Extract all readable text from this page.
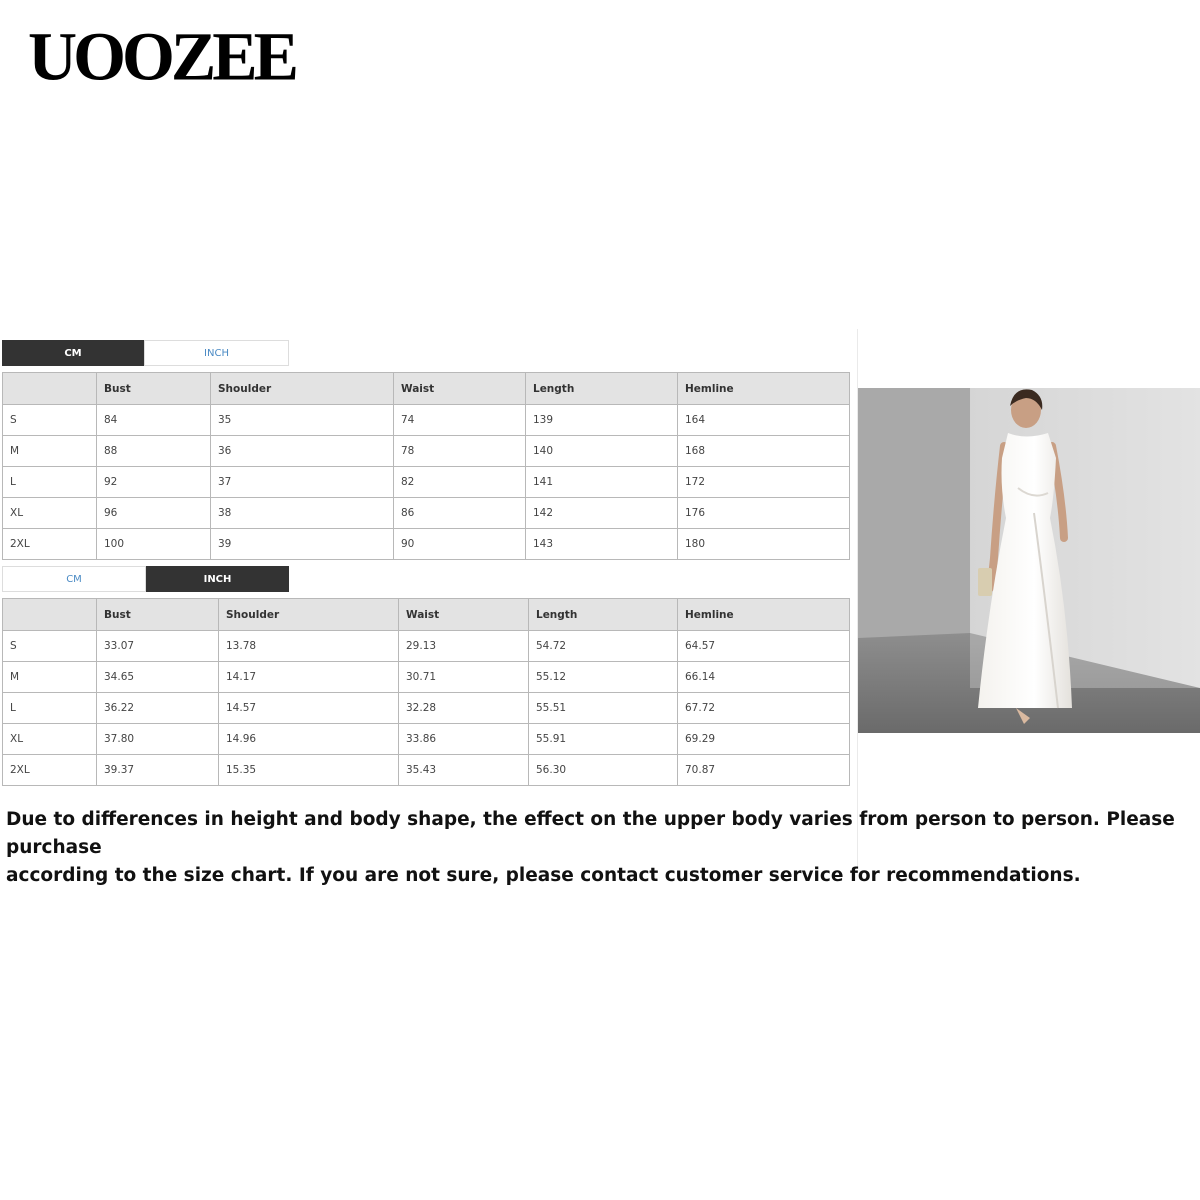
UOOZEE
CM	INCH
	Bust	Shoulder	Waist	Length	Hemline
S	84	35	74	139	164
M	88	36	78	140	168
L	92	37	82	141	172
XL	96	38	86	142	176
2XL	100	39	90	143	180
CM	INCH
	Bust	Shoulder	Waist	Length	Hemline
S	33.07	13.78	29.13	54.72	64.57
M	34.65	14.17	30.71	55.12	66.14
L	36.22	14.57	32.28	55.51	67.72
XL	37.80	14.96	33.86	55.91	69.29
2XL	39.37	15.35	35.43	56.30	70.87

Due to differences in height and body shape, the effect on the upper body varies from person to person. Please purchase
according to the size chart. If you are not sure, please contact customer service for recommendations.
